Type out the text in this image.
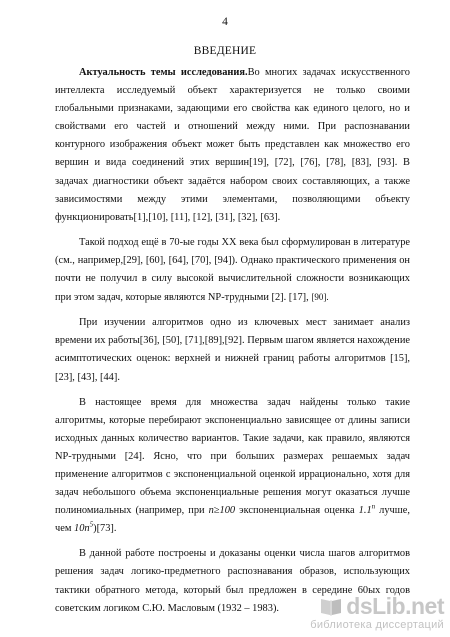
4
ВВЕДЕНИЕ

Актуальность темы исследования.Во многих задачах искусственного интеллекта исследуемый объект характеризуется не только своими глобальными признаками, задающими его свойства как единого целого, но и свойствами его частей и отношений между ними. При распознавании контурного изображения объект может быть представлен как множество его вершин и вида соединений этих вершин[19], [72], [76], [78], [83], [93]. В задачах диагностики объект задаётся набором своих составляющих, а также зависимостями между этими элементами, позволяющими объекту функционировать[1],[10], [11], [12], [31], [32], [63].

Такой подход ещё в 70-ые годы XX века был сформулирован в литературе (см., например,[29], [60], [64], [70], [94]). Однако практического применения он почти не получил в силу высокой вычислительной сложности возникающих при этом задач, которые являются NP-трудными [2]. [17], [90].

При изучении алгоритмов одно из ключевых мест занимает анализ времени их работы[36], [50], [71],[89],[92]. Первым шагом является нахождение асимптотических оценок: верхней и нижней границ работы алгоритмов [15], [23], [43], [44].

В настоящее время для множества задач найдены только такие алгоритмы, которые перебирают экспоненциально зависящее от длины записи исходных данных количество вариантов. Такие задачи, как правило, являются NP-трудными [24]. Ясно, что при больших размерах решаемых задач применение алгоритмов с экспоненциальной оценкой иррационально, хотя для задач небольшого объема экспоненциальные решения могут оказаться лучше полиномиальных (например, при n≥100 экспоненциальная оценка 1.1$^n$ лучше, чем $10n^5)[73]$.

В данной работе построены и доказаны оценки числа шагов алгоритмов решения задач логико-предметного распознавания образов, использующих тактики обратного метода, который был предложен в середине 60ых годов советским логиком С.Ю. Масловым (1932 – 1983).	dsLib.net
библиотека диссертаций
